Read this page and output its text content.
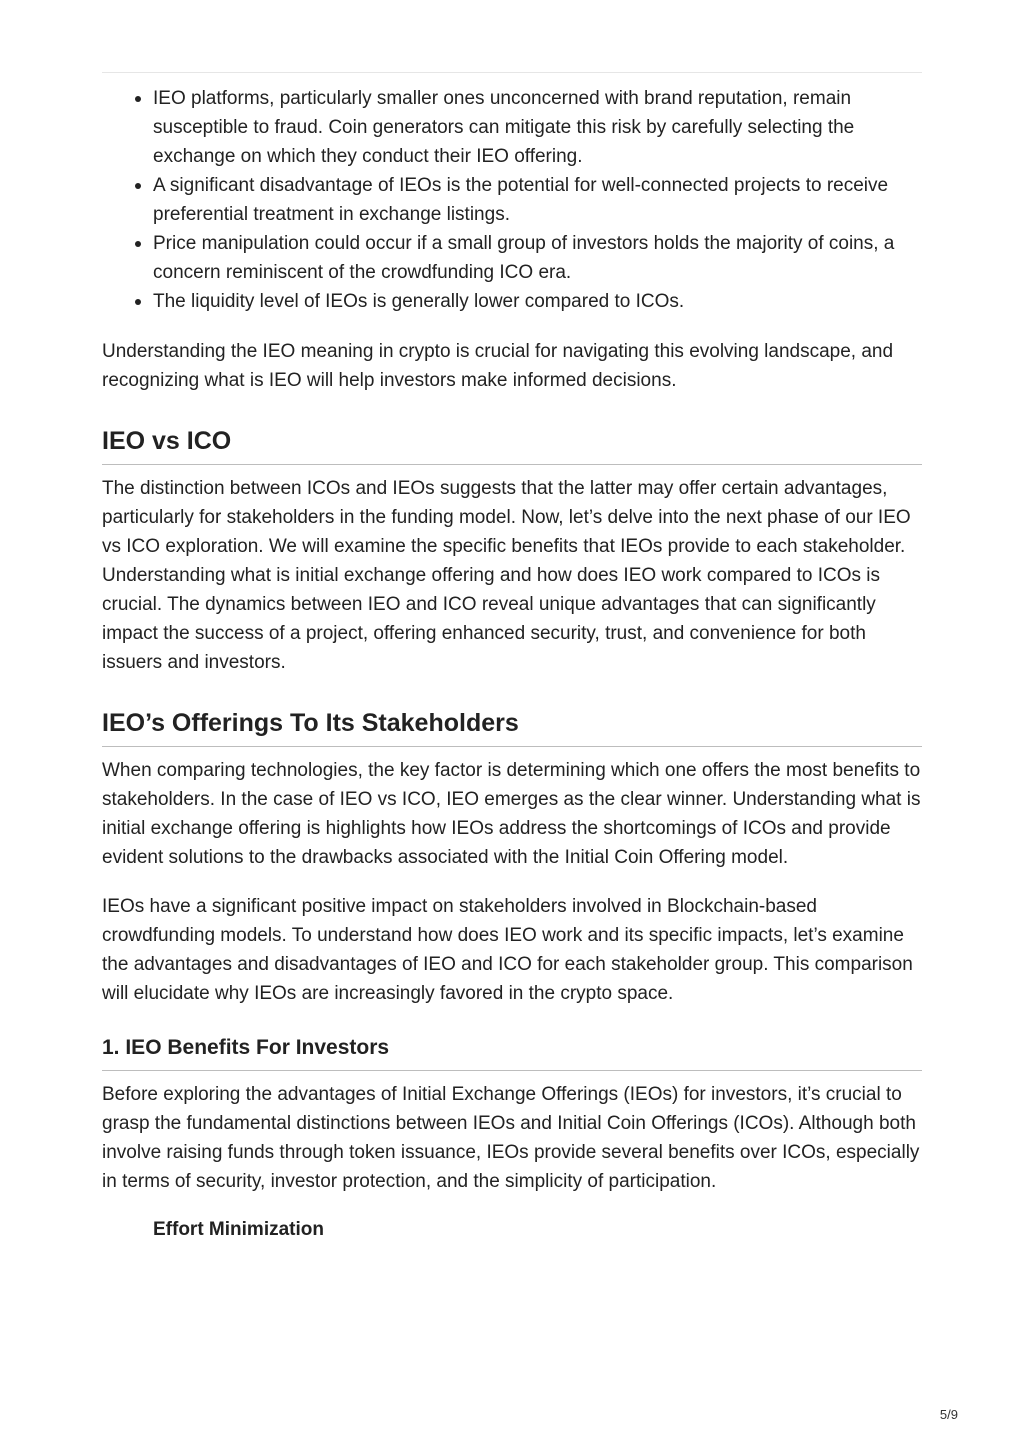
IEO platforms, particularly smaller ones unconcerned with brand reputation, remain susceptible to fraud. Coin generators can mitigate this risk by carefully selecting the exchange on which they conduct their IEO offering.
A significant disadvantage of IEOs is the potential for well-connected projects to receive preferential treatment in exchange listings.
Price manipulation could occur if a small group of investors holds the majority of coins, a concern reminiscent of the crowdfunding ICO era.
The liquidity level of IEOs is generally lower compared to ICOs.

Understanding the IEO meaning in crypto is crucial for navigating this evolving landscape, and recognizing what is IEO will help investors make informed decisions.

IEO vs ICO

The distinction between ICOs and IEOs suggests that the latter may offer certain advantages, particularly for stakeholders in the funding model. Now, let’s delve into the next phase of our IEO vs ICO exploration. We will examine the specific benefits that IEOs provide to each stakeholder. Understanding what is initial exchange offering and how does IEO work compared to ICOs is crucial. The dynamics between IEO and ICO reveal unique advantages that can significantly impact the success of a project, offering enhanced security, trust, and convenience for both issuers and investors.

IEO’s Offerings To Its Stakeholders

When comparing technologies, the key factor is determining which one offers the most benefits to stakeholders. In the case of IEO vs ICO, IEO emerges as the clear winner. Understanding what is initial exchange offering is highlights how IEOs address the shortcomings of ICOs and provide evident solutions to the drawbacks associated with the Initial Coin Offering model.

IEOs have a significant positive impact on stakeholders involved in Blockchain-based crowdfunding models. To understand how does IEO work and its specific impacts, let’s examine the advantages and disadvantages of IEO and ICO for each stakeholder group. This comparison will elucidate why IEOs are increasingly favored in the crypto space.

1. IEO Benefits For Investors

Before exploring the advantages of Initial Exchange Offerings (IEOs) for investors, it’s crucial to grasp the fundamental distinctions between IEOs and Initial Coin Offerings (ICOs). Although both involve raising funds through token issuance, IEOs provide several benefits over ICOs, especially in terms of security, investor protection, and the simplicity of participation.

Effort Minimization
5/9
